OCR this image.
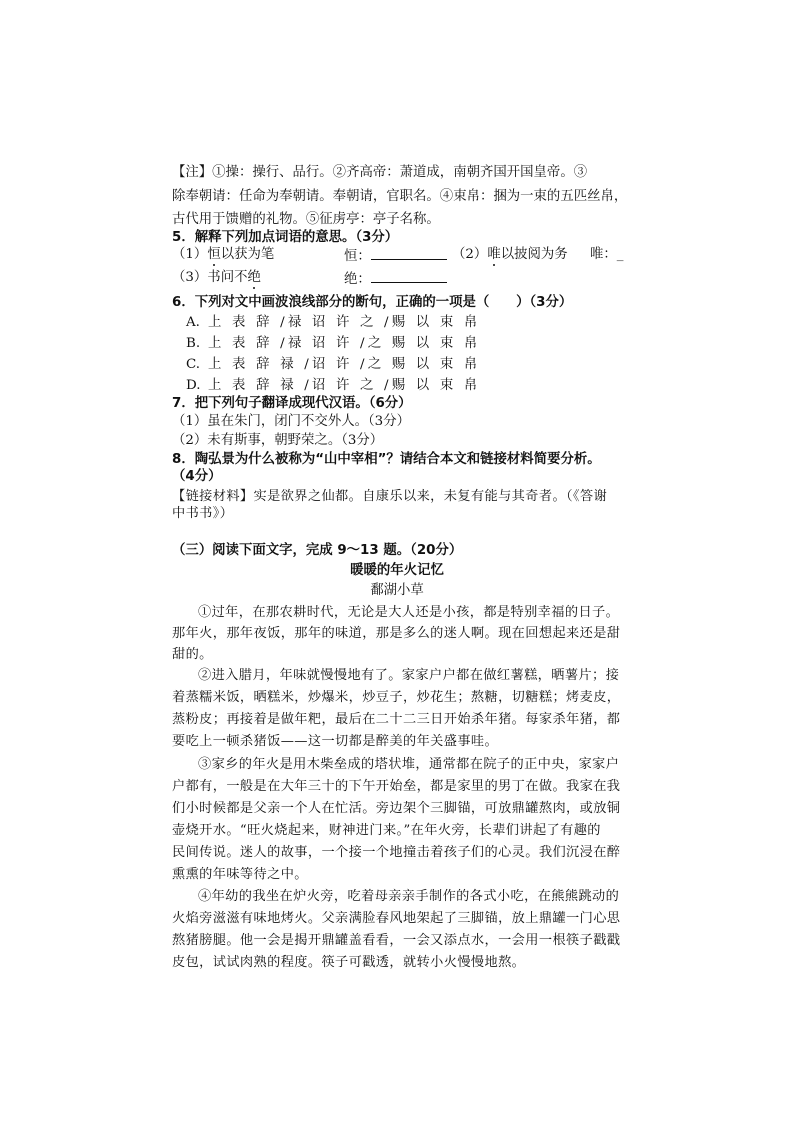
【注】①操：操行、品行。②齐高帝：萧道成，南朝齐国开国皇帝。③
除奉朝请：任命为奉朝请。奉朝请，官职名。④束帛：捆为一束的五匹丝帛，
古代用于馈赠的礼物。⑤征虏亭：亭子名称。
5．解释下列加点词语的意思。（3分）
（1）恒以获为笔	恒：	（2）唯以披阅为务 唯：_
（3）书问不绝	绝：
6．下列对文中画波浪线部分的断句，正确的一项是（　　）（3分）
A. 上 表 辞 /禄 诏 许 之 /赐 以 束 帛
B. 上 表 辞 /禄 诏 许 /之 赐 以 束 帛
C. 上 表 辞 禄 /诏 许 /之 赐 以 束 帛
D. 上 表 辞 禄 /诏 许 之 /赐 以 束 帛
7．把下列句子翻译成现代汉语。（6分）
（1）虽在朱门，闭门不交外人。（3分）
（2）未有斯事，朝野荣之。（3分）
8．陶弘景为什么被称为“山中宰相”？请结合本文和链接材料简要分析。
（4分）
【链接材料】实是欲界之仙都。自康乐以来，未复有能与其奇者。（《答谢
中书书》）
（三）阅读下面文字，完成 9～13 题。（20分）
暖暖的年火记忆
鄱湖小草
①过年，在那农耕时代，无论是大人还是小孩，都是特别幸福的日子。
那年火，那年夜饭，那年的味道，那是多么的迷人啊。现在回想起来还是甜
甜的。
②进入腊月，年味就慢慢地有了。家家户户都在做红薯糕，晒薯片；接
着蒸糯米饭，晒糕米，炒爆米，炒豆子，炒花生；熬糖，切糖糕；烤麦皮，
蒸粉皮；再接着是做年粑，最后在二十二三日开始杀年猪。每家杀年猪，都
要吃上一顿杀猪饭——这一切都是醉美的年关盛事哇。
③家乡的年火是用木柴垒成的塔状堆，通常都在院子的正中央，家家户
户都有，一般是在大年三十的下午开始垒，都是家里的男丁在做。我家在我
们小时候都是父亲一个人在忙活。旁边架个三脚锚，可放鼎罐熬肉，或放铜
壶烧开水。“旺火烧起来，财神进门来。”在年火旁，长辈们讲起了有趣的
民间传说。迷人的故事，一个接一个地撞击着孩子们的心灵。我们沉浸在醉
熏熏的年味等待之中。
④年幼的我坐在炉火旁，吃着母亲亲手制作的各式小吃，在熊熊跳动的
火焰旁滋滋有味地烤火。父亲满脸春风地架起了三脚锚，放上鼎罐一门心思
熬猪膀腿。他一会是揭开鼎罐盖看看，一会又添点水，一会用一根筷子戳戳
皮包，试试肉熟的程度。筷子可戳透，就转小火慢慢地熬。
